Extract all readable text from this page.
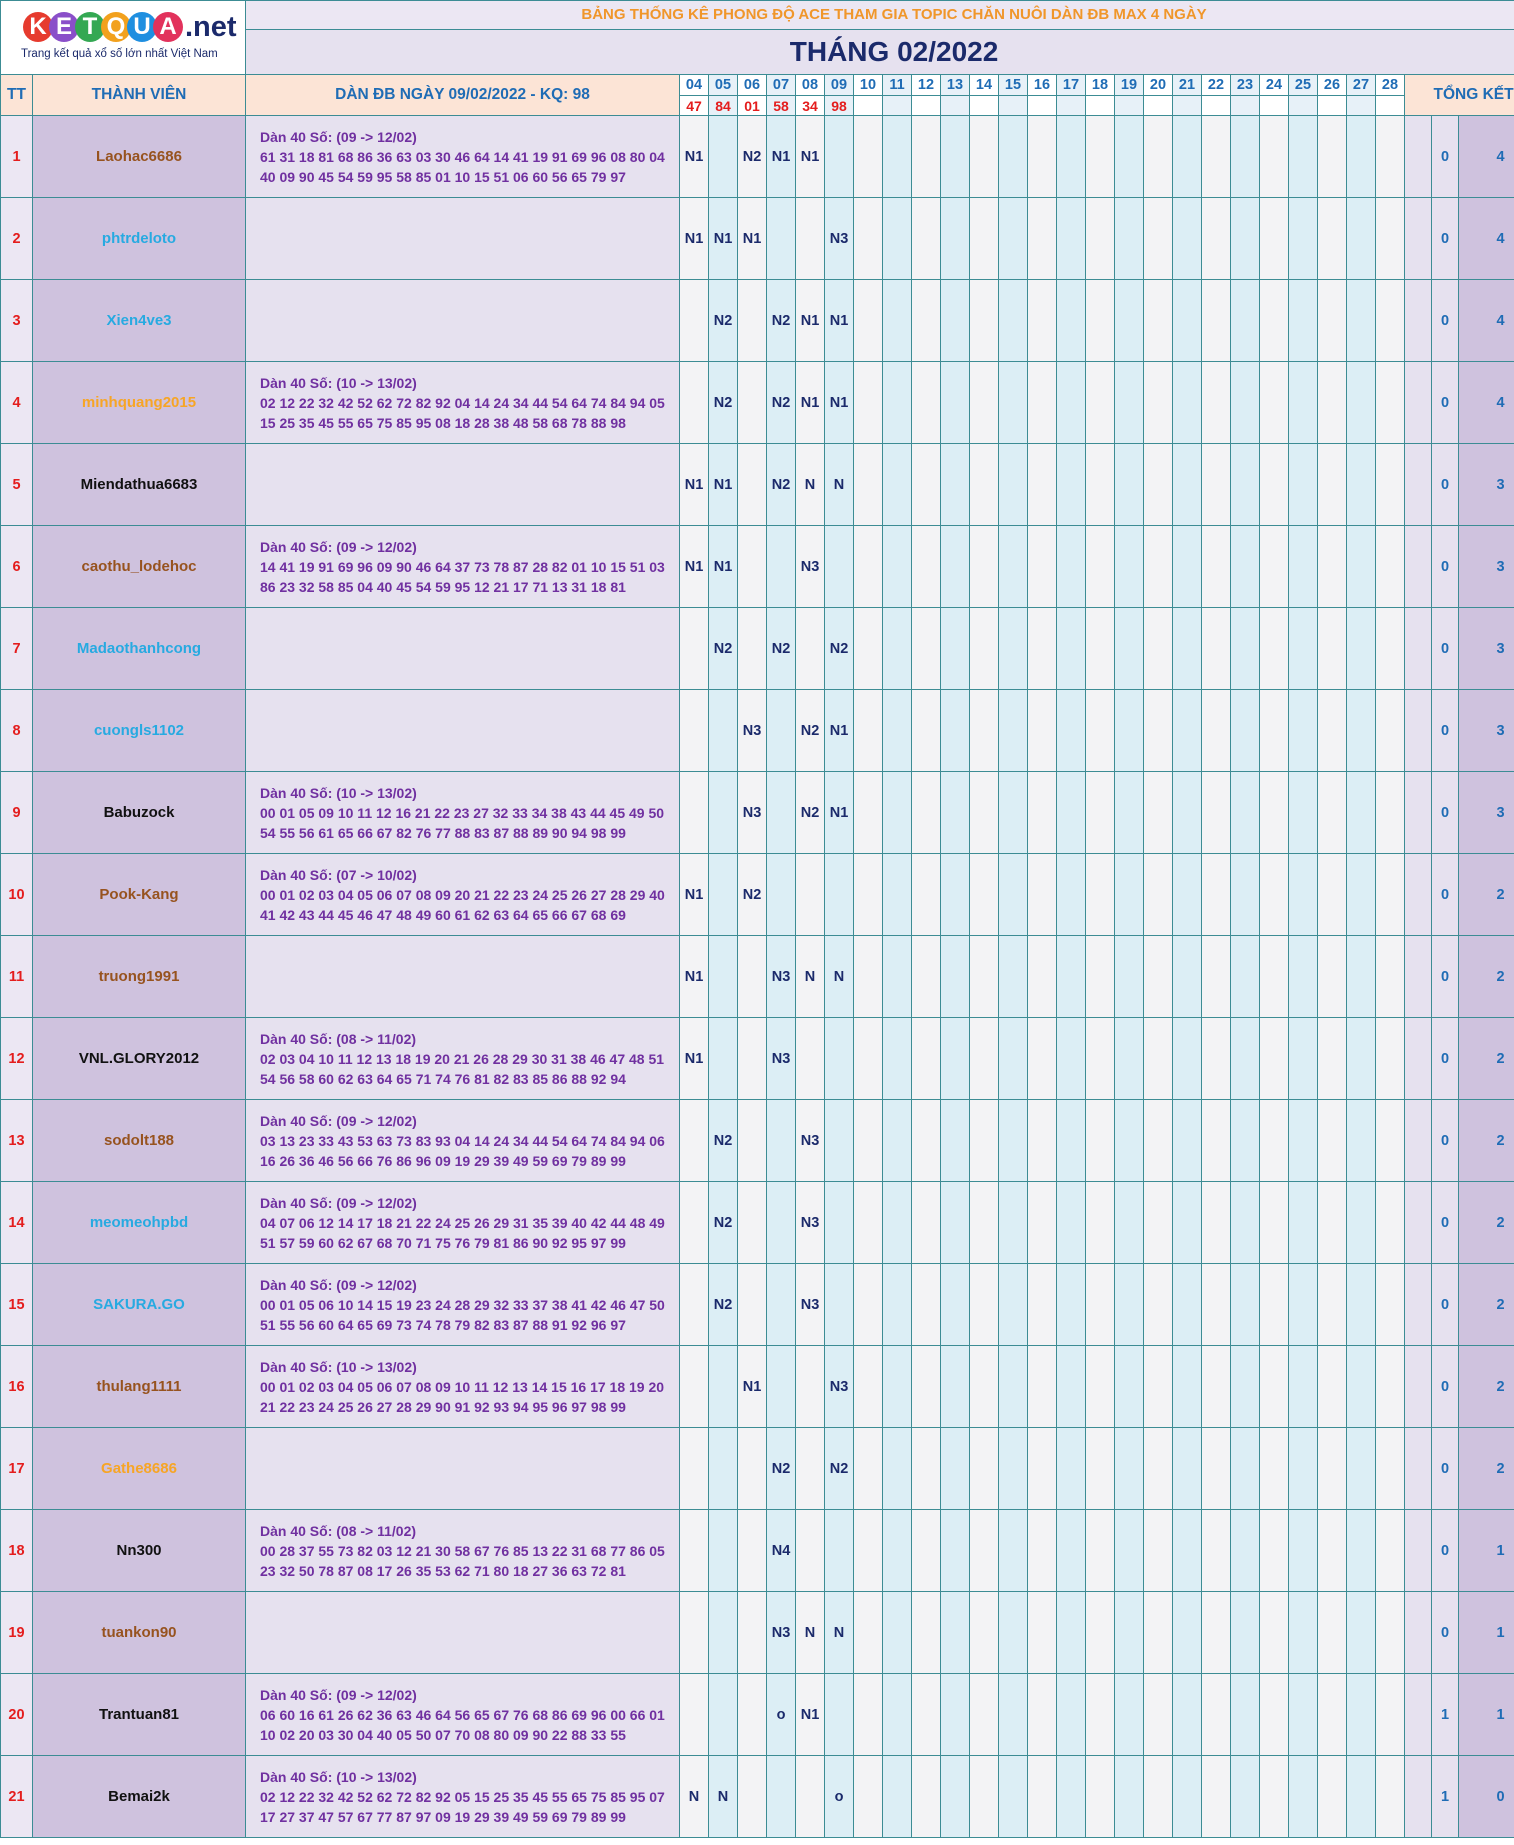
K E T Q U A .net
Trang kết quả xổ số lớn nhất Việt Nam		BẢNG THỐNG KÊ PHONG ĐỘ ACE THAM GIA TOPIC CHĂN NUÔI DÀN ĐB MAX 4 NGÀY																												
		THÁNG 02/2022																												
TT	THÀNH VIÊN	DÀN ĐB NGÀY 09/02/2022 - KQ: 98	04	05	06	07	08	09	10	11	12	13	14	15	16	17	18	19	20	21	22	23	24	25	26	27	28	TỔNG KẾT		
			47	84	01	58	34	98																						
1	Laohac6686	Dàn 40 Số: (09 -> 12/02)
61 31 18 81 68 86 36 63 03 30 46 64 14 41 19 91 69 96 08 80 04
40 09 90 45 54 59 95 58 85 01 10 15 51 06 60 56 65 79 97	N1		N2	N1	N1																						0	4
2	phtrdeloto		N1	N1	N1			N3																					0	4
3	Xien4ve3			N2		N2	N1	N1																					0	4
4	minhquang2015	Dàn 40 Số: (10 -> 13/02)
02 12 22 32 42 52 62 72 82 92 04 14 24 34 44 54 64 74 84 94 05
15 25 35 45 55 65 75 85 95 08 18 28 38 48 58 68 78 88 98		N2		N2	N1	N1																					0	4
5	Miendathua6683		N1	N1		N2	N	N																					0	3
6	caothu_lodehoc	Dàn 40 Số: (09 -> 12/02)
14 41 19 91 69 96 09 90 46 64 37 73 78 87 28 82 01 10 15 51 03
86 23 32 58 85 04 40 45 54 59 95 12 21 17 71 13 31 18 81	N1	N1			N3																						0	3
7	Madaothanhcong			N2		N2		N2																					0	3
8	cuongls1102				N3		N2	N1																					0	3
9	Babuzock	Dàn 40 Số: (10 -> 13/02)
00 01 05 09 10 11 12 16 21 22 23 27 32 33 34 38 43 44 45 49 50
54 55 56 61 65 66 67 82 76 77 88 83 87 88 89 90 94 98 99			N3		N2	N1																					0	3
10	Pook-Kang	Dàn 40 Số: (07 -> 10/02)
00 01 02 03 04 05 06 07 08 09 20 21 22 23 24 25 26 27 28 29 40
41 42 43 44 45 46 47 48 49 60 61 62 63 64 65 66 67 68 69	N1		N2																								0	2
11	truong1991		N1			N3	N	N																					0	2
12	VNL.GLORY2012	Dàn 40 Số: (08 -> 11/02)
02 03 04 10 11 12 13 18 19 20 21 26 28 29 30 31 38 46 47 48 51
54 56 58 60 62 63 64 65 71 74 76 81 82 83 85 86 88 92 94	N1			N3																							0	2
13	sodolt188	Dàn 40 Số: (09 -> 12/02)
03 13 23 33 43 53 63 73 83 93 04 14 24 34 44 54 64 74 84 94 06
16 26 36 46 56 66 76 86 96 09 19 29 39 49 59 69 79 89 99		N2			N3																						0	2
14	meomeohpbd	Dàn 40 Số: (09 -> 12/02)
04 07 06 12 14 17 18 21 22 24 25 26 29 31 35 39 40 42 44 48 49
51 57 59 60 62 67 68 70 71 75 76 79 81 86 90 92 95 97 99		N2			N3																						0	2
15	SAKURA.GO	Dàn 40 Số: (09 -> 12/02)
00 01 05 06 10 14 15 19 23 24 28 29 32 33 37 38 41 42 46 47 50
51 55 56 60 64 65 69 73 74 78 79 82 83 87 88 91 92 96 97		N2			N3																						0	2
16	thulang1111	Dàn 40 Số: (10 -> 13/02)
00 01 02 03 04 05 06 07 08 09 10 11 12 13 14 15 16 17 18 19 20
21 22 23 24 25 26 27 28 29 90 91 92 93 94 95 96 97 98 99			N1			N3																					0	2
17	Gathe8686					N2		N2																					0	2
18	Nn300	Dàn 40 Số: (08 -> 11/02)
00 28 37 55 73 82 03 12 21 30 58 67 76 85 13 22 31 68 77 86 05
23 32 50 78 87 08 17 26 35 53 62 71 80 18 27 36 63 72 81				N4																							0	1
19	tuankon90					N3	N	N																					0	1
20	Trantuan81	Dàn 40 Số: (09 -> 12/02)
06 60 16 61 26 62 36 63 46 64 56 65 67 76 68 86 69 96 00 66 01
10 02 20 03 30 04 40 05 50 07 70 08 80 09 90 22 88 33 55				o	N1																						1	1
21	Bemai2k	Dàn 40 Số: (10 -> 13/02)
02 12 22 32 42 52 62 72 82 92 05 15 25 35 45 55 65 75 85 95 07
17 27 37 47 57 67 77 87 97 09 19 29 39 49 59 69 79 89 99	N	N				o																					1	0
